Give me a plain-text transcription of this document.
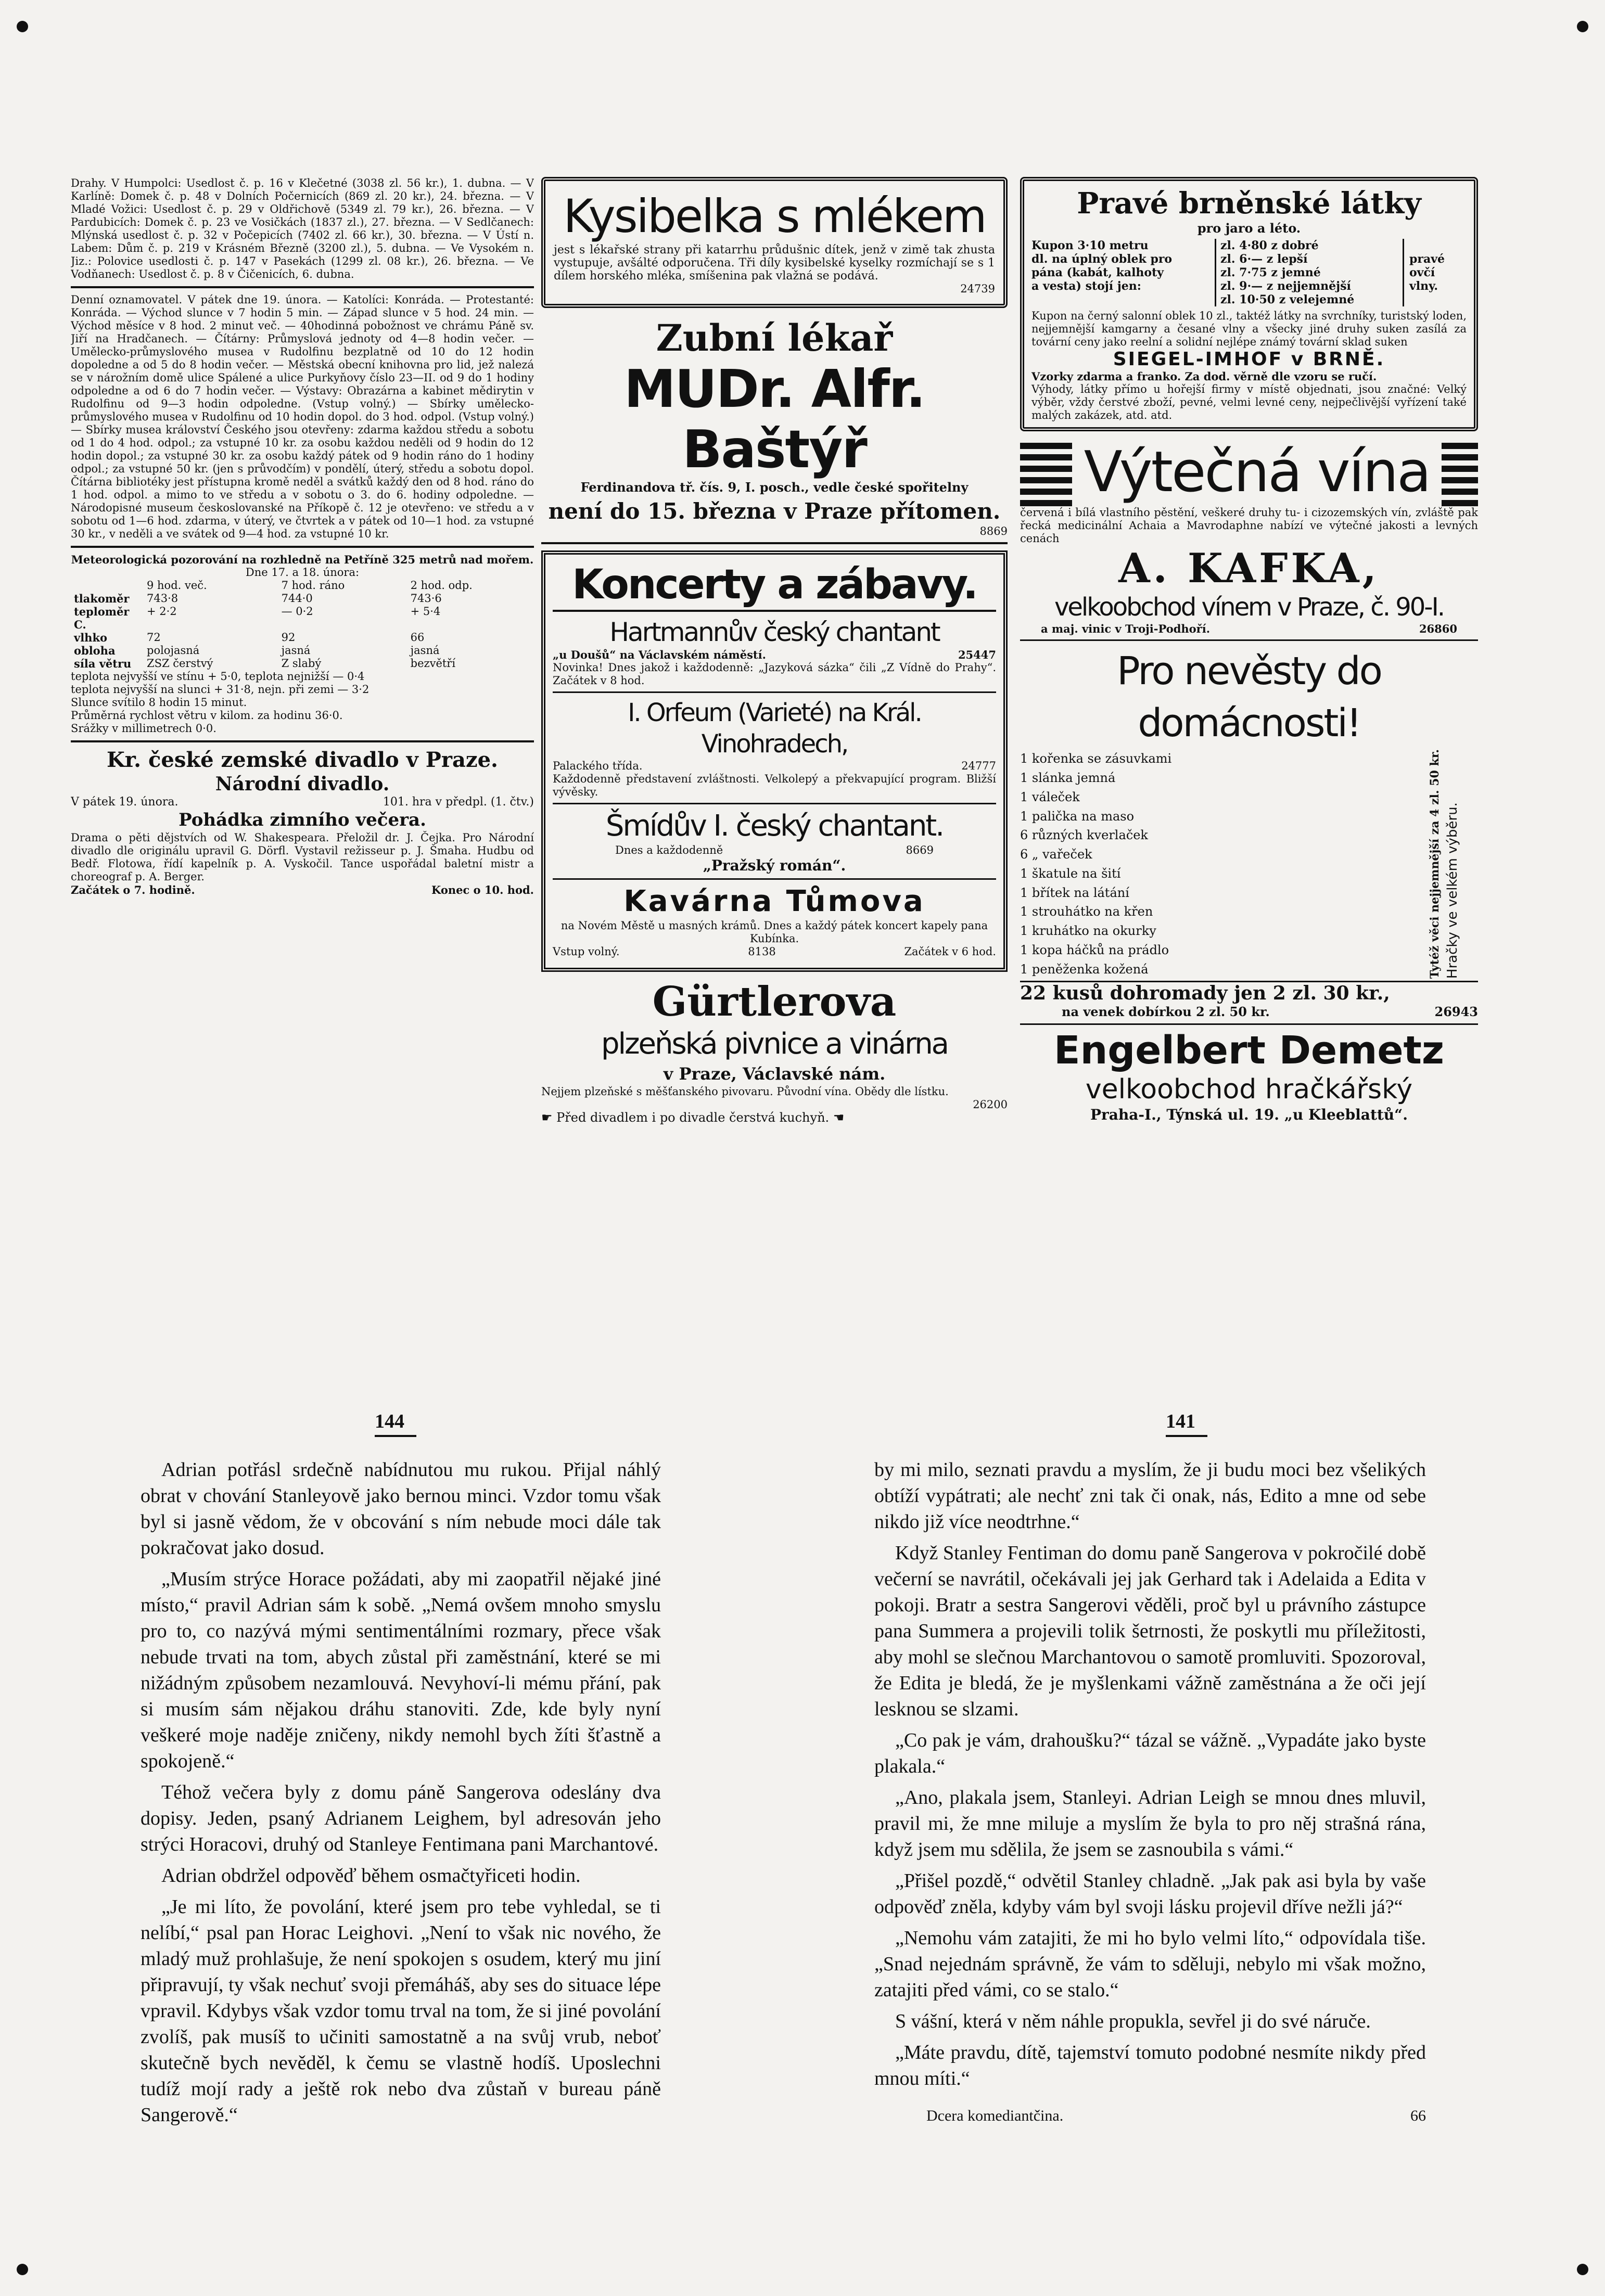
Drahy. V Humpolci: Usedlost č. p. 16 v Klečetné (3038 zl. 56 kr.), 1. dubna. — V Karlíně: Domek č. p. 48 v Dolních Počernicích (869 zl. 20 kr.), 24. března. — V Mladé Vožici: Usedlost č. p. 29 v Oldřichově (5349 zl. 79 kr.), 26. března. — V Pardubicích: Domek č. p. 23 ve Vosičkách (1837 zl.), 27. března. — V Sedlčanech: Mlýnská usedlost č. p. 32 v Počepicích (7402 zl. 66 kr.), 30. března. — V Ústí n. Labem: Dům č. p. 219 v Krásném Březně (3200 zl.), 5. dubna. — Ve Vysokém n. Jiz.: Polovice usedlosti č. p. 147 v Pasekách (1299 zl. 08 kr.), 26. března. — Ve Vodňanech: Usedlost č. p. 8 v Čičenicích, 6. dubna.
Denní oznamovatel. V pátek dne 19. února. — Katolíci: Konráda. — Protestanté: Konráda. — Východ slunce v 7 hodin 5 min. — Západ slunce v 5 hod. 24 min. — Východ měsíce v 8 hod. 2 minut več. — 40hodinná pobožnost ve chrámu Páně sv. Jiří na Hradčanech. — Čítárny: Průmyslová jednoty od 4—8 hodin večer. — Umělecko-průmyslového musea v Rudolfinu bezplatně od 10 do 12 hodin dopoledne a od 5 do 8 hodin večer. — Městská obecní knihovna pro lid, jež nalezá se v nárožním domě ulice Spálené a ulice Purkyňovy číslo 23—II. od 9 do 1 hodiny odpoledne a od 6 do 7 hodin večer. — Výstavy: Obrazárna a kabinet mědirytin v Rudolfinu od 9—3 hodin odpoledne. (Vstup volný.) — Sbírky umělecko-průmyslového musea v Rudolfinu od 10 hodin dopol. do 3 hod. odpol. (Vstup volný.) — Sbírky musea království Českého jsou otevřeny: zdarma každou středu a sobotu od 1 do 4 hod. odpol.; za vstupné 10 kr. za osobu každou neděli od 9 hodin do 12 hodin dopol.; za vstupné 30 kr. za osobu každý pátek od 9 hodin ráno do 1 hodiny odpol.; za vstupné 50 kr. (jen s průvodčím) v pondělí, úterý, středu a sobotu dopol. Čítárna bibliotéky jest přístupna kromě neděl a svátků každý den od 8 hod. ráno do 1 hod. odpol. a mimo to ve středu a v sobotu o 3. do 6. hodiny odpoledne. — Národopisné museum českoslovanské na Příkopě č. 12 je otevřeno: ve středu a v sobotu od 1—6 hod. zdarma, v úterý, ve čtvrtek a v pátek od 10—1 hod. za vstupné 30 kr., v neděli a ve svátek od 9—4 hod. za vstupné 10 kr.
Meteorologická pozorování na rozhledně na Petříně 325 metrů nad mořem.
Dne 17. a 18. února:
	9 hod. več.	7 hod. ráno	2 hod. odp.
tlakoměr	743·8	744·0	743·6
teploměr C.	+ 2·2	— 0·2	+ 5·4
vlhko	72	92	66
obloha	polojasná	jasná	jasná
síla větru	ZSZ čerstvý	Z slabý	bezvětří
teplota nejvyšší ve stínu + 5·0, teplota nejnižší — 0·4
teplota nejvyšší na slunci + 31·8, nejn. při zemi — 3·2
Slunce svítilo 8 hodin 15 minut.
Průměrná rychlost větru v kilom. za hodinu 36·0.
Srážky v millimetrech 0·0.
Kr. české zemské divadlo v Praze.
Národní divadlo.
V pátek 19. února.	101. hra v předpl. (1. čtv.)
Pohádka zimního večera.
Drama o pěti dějstvích od W. Shakespeara. Přeložil dr. J. Čejka. Pro Národní divadlo dle originálu upravil G. Dörfl. Vystavil režisseur p. J. Šmaha. Hudbu od Bedř. Flotowa, řídí kapelník p. A. Vyskočil. Tance uspořádal baletní mistr a choreograf p. A. Berger.
Začátek o 7. hodině.	Konec o 10. hod.
Kysibelka s mlékem
jest s lékařské strany při katarrhu průdušnic dítek, jenž v zimě tak zhusta vystupuje, avšálté odporučena. Tři díly kysibelské kyselky rozmíchají se s 1 dílem horského mléka, smíšenina pak vlažná se podává.
24739
Zubní lékař
MUDr. Alfr. Baštýř
Ferdinandova tř. čís. 9, I. posch., vedle české spořitelny
není do 15. března v Praze přítomen.
8869
Koncerty a zábavy.
Hartmannův český chantant
„u Doušů“ na Václavském náměstí.	25447
Novinka! Dnes jakož i každodenně: „Jazyková sázka“ čili „Z Vídně do Prahy“. Začátek v 8 hod.
I. Orfeum (Varieté) na Král. Vinohradech,
Palackého třída.	24777
Každodenně představení zvláštnosti. Velkolepý a překvapující program. Bližší vývěsky.
Šmídův I. český chantant.
Dnes a každodenně	8669
„Pražský román“.
Kavárna Tůmova
na Novém Městě u masných krámů. Dnes a každý pátek koncert kapely pana Kubínka.
Vstup volný.	8138	Začátek v 6 hod.
Gürtlerova
plzeňská pivnice a vinárna
v Praze, Václavské nám.
Nejjem plzeňské s měšťanského pivovaru. Původní vína. Obědy dle lístku.
26200
☛ Před divadlem i po divadle čerstvá kuchyň. ☚
Pravé brněnské látky
pro jaro a léto.
Kupon 3·10 metru
dl. na úplný oblek pro
pána (kabát, kalhoty
a vesta) stojí jen:
zl. 4·80 z dobré
zl. 6·— z lepší
zl. 7·75 z jemné
zl. 9·— z nejjemnější
zl. 10·50 z velejemné
pravé ovčí vlny.
Kupon na černý salonní oblek 10 zl., taktéž látky na svrchníky, turistský loden, nejjemnější kamgarny a česané vlny a všecky jiné druhy suken zasílá za tovární ceny jako reelní a solidní nejlépe známý tovární sklad suken
SIEGEL-IMHOF v BRNĚ.
Vzorky zdarma a franko. Za dod. věrně dle vzoru se ručí.
Výhody, látky přímo u hořejší firmy v místě objednati, jsou značné: Velký výběr, vždy čerstvé zboží, pevné, velmi levné ceny, nejpečlivější vyřízení také malých zakázek, atd. atd.
Výtečná vína
červená i bílá vlastního pěstění, veškeré druhy tu- i cizozemských vín, zvláště pak řecká medicinální Achaia a Mavrodaphne nabízí ve výtečné jakosti a levných cenách
A. KAFKA,
velkoobchod vínem v Praze, č. 90-I.
a maj. vinic v Troji-Podhoří.	26860
Pro nevěsty do domácnosti!
1 kořenka se zásuvkami
1 slánka jemná
1 váleček
1 palička na maso
6 různých kverlaček
6 „ vařeček
1 škatule na šití
1 břítek na látání
1 strouhátko na křen
1 kruhátko na okurky
1 kopa háčků na prádlo
1 peněženka kožená	Tytéž věci nejjemnější za 4 zl. 50 kr. Hračky ve velkém výběru.
22 kusů dohromady jen 2 zl. 30 kr.,
na venek dobírkou 2 zl. 50 kr.	26943
Engelbert Demetz
velkoobchod hračkářský
Praha-I., Týnská ul. 19. „u Kleeblattů“.
144	141

Adrian potřásl srdečně nabídnutou mu rukou. Přijal náhlý obrat v chování Stanleyově jako bernou minci. Vzdor tomu však byl si jasně vědom, že v obcování s ním nebude moci dále tak pokračovat jako dosud.

„Musím strýce Horace požádati, aby mi zaopatřil nějaké jiné místo,“ pravil Adrian sám k sobě. „Nemá ovšem mnoho smyslu pro to, co nazývá mými sentimentálními rozmary, přece však nebude trvati na tom, abych zůstal při zaměstnání, které se mi nižádným způsobem nezamlouvá. Nevyhoví-li mému přání, pak si musím sám nějakou dráhu stanoviti. Zde, kde byly nyní veškeré moje naděje zničeny, nikdy nemohl bych žíti šťastně a spokojeně.“

Téhož večera byly z domu páně Sangerova odeslány dva dopisy. Jeden, psaný Adrianem Leighem, byl adresován jeho strýci Horacovi, druhý od Stanleye Fentimana pani Marchantové.

Adrian obdržel odpověď během osmačtyřiceti hodin.

„Je mi líto, že povolání, které jsem pro tebe vyhledal, se ti nelíbí,“ psal pan Horac Leighovi. „Není to však nic nového, že mladý muž prohlašuje, že není spokojen s osudem, který mu jiní připravují, ty však nechuť svoji přemáháš, aby ses do situace lépe vpravil. Kdybys však vzdor tomu trval na tom, že si jiné povolání zvolíš, pak musíš to učiniti samostatně a na svůj vrub, neboť skutečně bych nevěděl, k čemu se vlastně hodíš. Uposlechni tudíž mojí rady a ještě rok nebo dva zůstaň v bureau páně Sangerově.“

by mi milo, seznati pravdu a myslím, že ji budu moci bez všelikých obtíží vypátrati; ale nechť zni tak či onak, nás, Edito a mne od sebe nikdo již více neodtrhne.“

Když Stanley Fentiman do domu paně Sangerova v pokročilé době večerní se navrátil, očekávali jej jak Gerhard tak i Adelaida a Edita v pokoji. Bratr a sestra Sangerovi věděli, proč byl u právního zástupce pana Summera a projevili tolik šetrnosti, že poskytli mu příležitosti, aby mohl se slečnou Marchantovou o samotě promluviti. Spozoroval, že Edita je bledá, že je myšlenkami vážně zaměstnána a že oči její lesknou se slzami.

„Co pak je vám, drahoušku?“ tázal se vážně. „Vypadáte jako byste plakala.“

„Ano, plakala jsem, Stanleyi. Adrian Leigh se mnou dnes mluvil, pravil mi, že mne miluje a myslím že byla to pro něj strašná rána, když jsem mu sdělila, že jsem se zasnoubila s vámi.“

„Přišel pozdě,“ odvětil Stanley chladně. „Jak pak asi byla by vaše odpověď zněla, kdyby vám byl svoji lásku projevil dříve nežli já?“

„Nemohu vám zatajiti, že mi ho bylo velmi líto,“ odpovídala tiše. „Snad nejednám správně, že vám to sděluji, nebylo mi však možno, zatajiti před vámi, co se stalo.“

S vášní, která v něm náhle propukla, sevřel ji do své náruče.

„Máte pravdu, dítě, tajemství tomuto podobné nesmíte nikdy před mnou míti.“

Dcera komediantčina.	66
